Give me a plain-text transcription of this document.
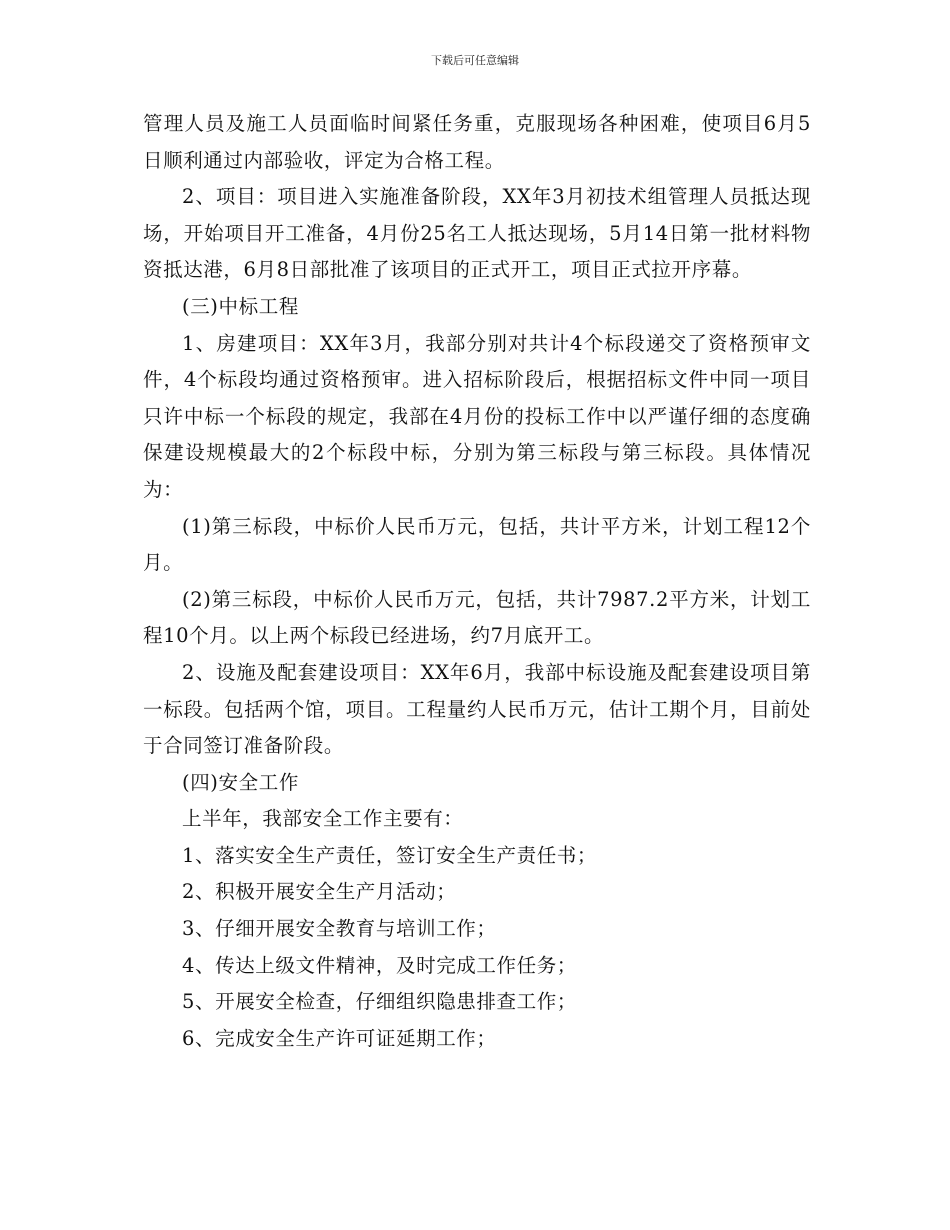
下载后可任意编辑

管理人员及施工人员面临时间紧任务重，克服现场各种困难，使项目6月5日顺利通过内部验收，评定为合格工程。

2、项目：项目进入实施准备阶段，XX年3月初技术组管理人员抵达现场，开始项目开工准备，4月份25名工人抵达现场，5月14日第一批材料物资抵达港，6月8日部批准了该项目的正式开工，项目正式拉开序幕。

(三)中标工程

1、房建项目：XX年3月，我部分别对共计4个标段递交了资格预审文件，4个标段均通过资格预审。进入招标阶段后，根据招标文件中同一项目只许中标一个标段的规定，我部在4月份的投标工作中以严谨仔细的态度确保建设规模最大的2个标段中标，分别为第三标段与第三标段。具体情况为：

(1)第三标段，中标价人民币万元，包括，共计平方米，计划工程12个月。

(2)第三标段，中标价人民币万元，包括，共计7987.2平方米，计划工程10个月。以上两个标段已经进场，约7月底开工。

2、设施及配套建设项目：XX年6月，我部中标设施及配套建设项目第一标段。包括两个馆，项目。工程量约人民币万元，估计工期个月，目前处于合同签订准备阶段。

(四)安全工作

上半年，我部安全工作主要有：

1、落实安全生产责任，签订安全生产责任书；

2、积极开展安全生产月活动；

3、仔细开展安全教育与培训工作；

4、传达上级文件精神，及时完成工作任务；

5、开展安全检查，仔细组织隐患排查工作；

6、完成安全生产许可证延期工作；
